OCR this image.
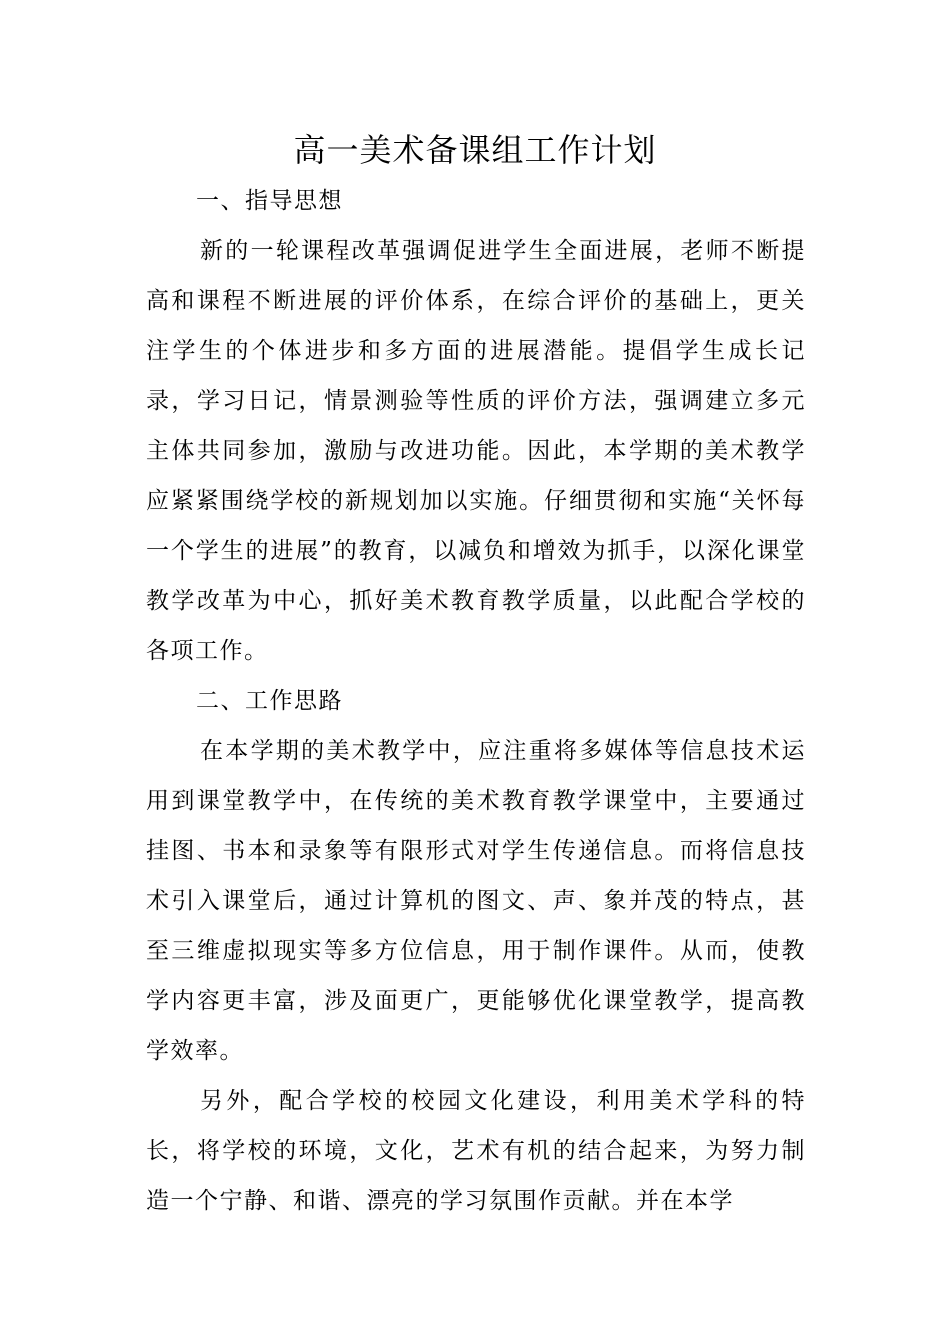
高一美术备课组工作计划

一、指导思想

新的一轮课程改革强调促进学生全面进展，老师不断提高和课程不断进展的评价体系，在综合评价的基础上，更关注学生的个体进步和多方面的进展潜能。提倡学生成长记录，学习日记，情景测验等性质的评价方法，强调建立多元主体共同参加，激励与改进功能。因此，本学期的美术教学应紧紧围绕学校的新规划加以实施。仔细贯彻和实施“关怀每一个学生的进展”的教育，以减负和增效为抓手，以深化课堂教学改革为中心，抓好美术教育教学质量，以此配合学校的各项工作。

二、工作思路

在本学期的美术教学中，应注重将多媒体等信息技术运用到课堂教学中，在传统的美术教育教学课堂中，主要通过挂图、书本和录象等有限形式对学生传递信息。而将信息技术引入课堂后，通过计算机的图文、声、象并茂的特点，甚至三维虚拟现实等多方位信息，用于制作课件。从而，使教学内容更丰富，涉及面更广，更能够优化课堂教学，提高教学效率。

另外，配合学校的校园文化建设，利用美术学科的特长，将学校的环境，文化，艺术有机的结合起来，为努力制造一个宁静、和谐、漂亮的学习氛围作贡献。并在本学
